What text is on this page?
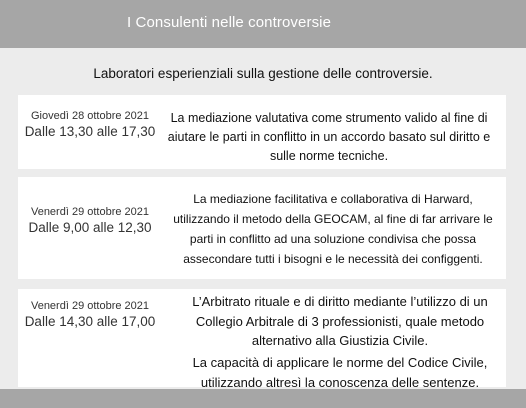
I Consulenti nelle controversie
Laboratori esperienziali sulla gestione delle controversie.
Giovedì 28 ottobre 2021
Dalle 13,30 alle 17,30
La mediazione valutativa come strumento valido al fine di aiutare le parti in conflitto in un accordo basato sul diritto e sulle norme tecniche.
Venerdì 29 ottobre 2021
Dalle 9,00 alle 12,30
La mediazione facilitativa e collaborativa di Harward, utilizzando il metodo della GEOCAM, al fine di far arrivare le parti in conflitto ad una soluzione condivisa che possa assecondare tutti i bisogni e le necessità dei configgenti.
Venerdì 29 ottobre 2021
Dalle 14,30 alle 17,00
L’Arbitrato rituale e di diritto mediante l’utilizzo di un Collegio Arbitrale di 3 professionisti, quale metodo alternativo alla Giustizia Civile.
La capacità di applicare le norme del Codice Civile, utilizzando altresì la conoscenza delle sentenze.
